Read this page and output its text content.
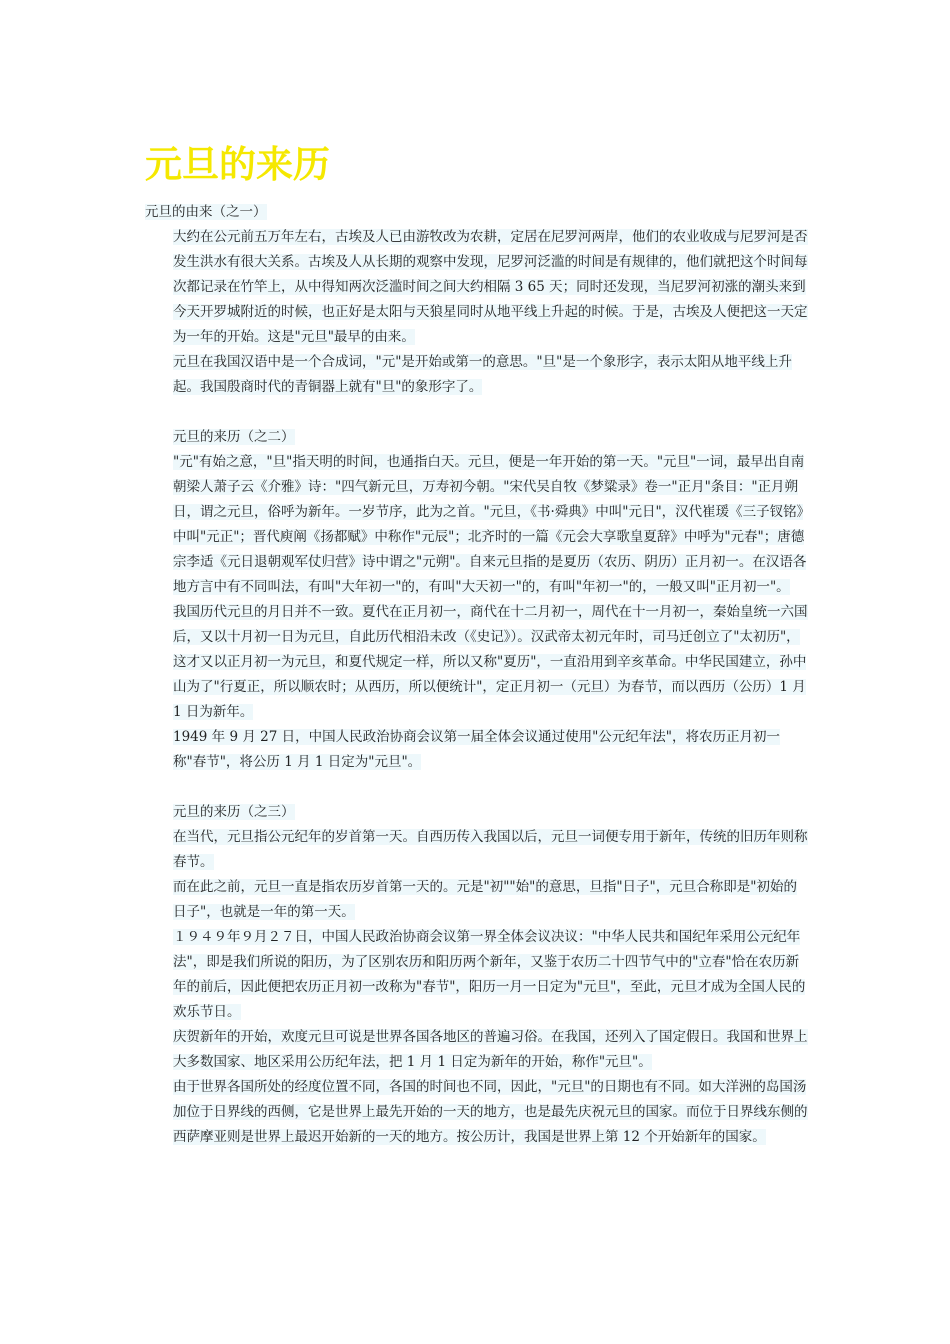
元旦的来历

元旦的由来（之一）

大约在公元前五万年左右，古埃及人已由游牧改为农耕，定居在尼罗河两岸，他们的农业收成与尼罗河是否发生洪水有很大关系。古埃及人从长期的观察中发现，尼罗河泛滥的时间是有规律的，他们就把这个时间每次都记录在竹竿上，从中得知两次泛滥时间之间大约相隔 3 65 天；同时还发现，当尼罗河初涨的潮头来到今天开罗城附近的时候，也正好是太阳与天狼星同时从地平线上升起的时候。于是，古埃及人便把这一天定为一年的开始。这是"元旦"最早的由来。

元旦在我国汉语中是一个合成词，"元"是开始或第一的意思。"旦"是一个象形字，表示太阳从地平线上升起。我国殷商时代的青铜器上就有"旦"的象形字了。

元旦的来历（之二）

"元"有始之意，"旦"指天明的时间，也通指白天。元旦，便是一年开始的第一天。"元旦"一词，最早出自南朝梁人萧子云《介雅》诗："四气新元旦，万寿初今朝。"宋代吴自牧《梦粱录》卷一"正月"条目："正月朔日，谓之元旦，俗呼为新年。一岁节序，此为之首。"元旦，《书·舜典》中叫"元日"，汉代崔瑗《三子钗铭》中叫"元正"；晋代庾阐《扬都赋》中称作"元辰"；北齐时的一篇《元会大享歌皇夏辞》中呼为"元春"；唐德宗李适《元日退朝观军仗归营》诗中谓之"元朔"。自来元旦指的是夏历（农历、阴历）正月初一。在汉语各地方言中有不同叫法，有叫"大年初一"的，有叫"大天初一"的，有叫"年初一"的，一般又叫"正月初一"。

我国历代元旦的月日并不一致。夏代在正月初一，商代在十二月初一，周代在十一月初一，秦始皇统一六国后，又以十月初一日为元旦，自此历代相沿未改（《史记》）。汉武帝太初元年时，司马迁创立了"太初历"，这才又以正月初一为元旦，和夏代规定一样，所以又称"夏历"，一直沿用到辛亥革命。中华民国建立，孙中山为了"行夏正，所以顺农时；从西历，所以便统计"，定正月初一（元旦）为春节，而以西历（公历）1 月 1 日为新年。

1949 年 9 月 27 日，中国人民政治协商会议第一届全体会议通过使用"公元纪年法"，将农历正月初一称"春节"，将公历 1 月 1 日定为"元旦"。

元旦的来历（之三）

在当代，元旦指公元纪年的岁首第一天。自西历传入我国以后，元旦一词便专用于新年，传统的旧历年则称春节。

而在此之前，元旦一直是指农历岁首第一天的。元是"初""始"的意思，旦指"日子"，元旦合称即是"初始的日子"，也就是一年的第一天。

１９４９年９月２７日，中国人民政治协商会议第一界全体会议决议："中华人民共和国纪年采用公元纪年法"，即是我们所说的阳历，为了区别农历和阳历两个新年，又鉴于农历二十四节气中的"立春"恰在农历新年的前后，因此便把农历正月初一改称为"春节"，阳历一月一日定为"元旦"，至此，元旦才成为全国人民的欢乐节日。

庆贺新年的开始，欢度元旦可说是世界各国各地区的普遍习俗。在我国，还列入了国定假日。我国和世界上大多数国家、地区采用公历纪年法，把 1 月 1 日定为新年的开始，称作"元旦"。

由于世界各国所处的经度位置不同，各国的时间也不同，因此，"元旦"的日期也有不同。如大洋洲的岛国汤加位于日界线的西侧，它是世界上最先开始的一天的地方，也是最先庆祝元旦的国家。而位于日界线东侧的西萨摩亚则是世界上最迟开始新的一天的地方。按公历计，我国是世界上第 12 个开始新年的国家。
